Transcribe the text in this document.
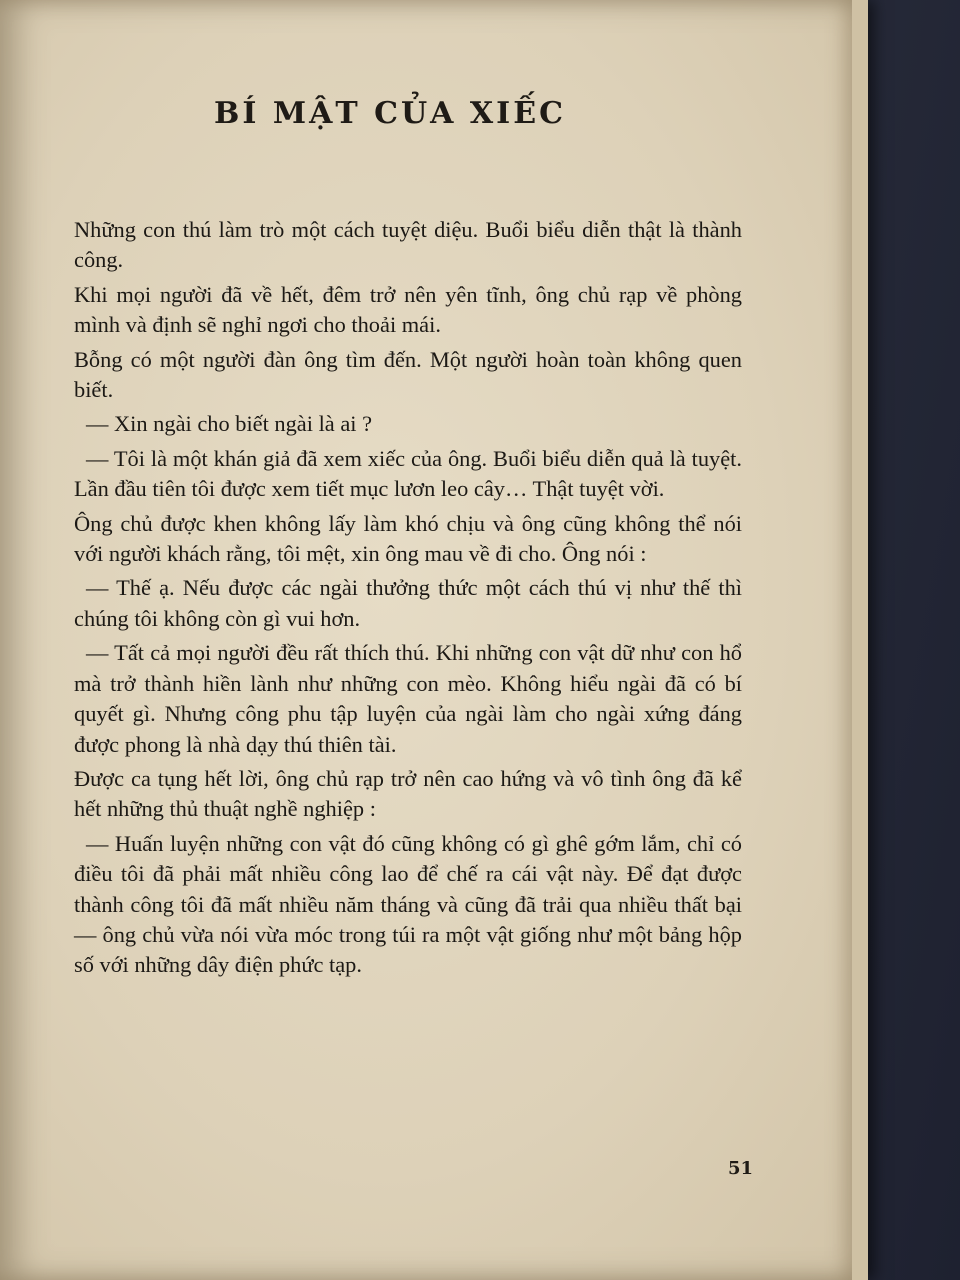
BÍ MẬT CỦA XIẾC

Những con thú làm trò một cách tuyệt diệu. Buổi biểu diễn thật là thành công.

Khi mọi người đã về hết, đêm trở nên yên tĩnh, ông chủ rạp về phòng mình và định sẽ nghỉ ngơi cho thoải mái.

Bỗng có một người đàn ông tìm đến. Một người hoàn toàn không quen biết.

— Xin ngài cho biết ngài là ai ?

— Tôi là một khán giả đã xem xiếc của ông. Buổi biểu diễn quả là tuyệt. Lần đầu tiên tôi được xem tiết mục lươn leo cây… Thật tuyệt vời.

Ông chủ được khen không lấy làm khó chịu và ông cũng không thể nói với người khách rằng, tôi mệt, xin ông mau về đi cho. Ông nói :

— Thế ạ. Nếu được các ngài thưởng thức một cách thú vị như thế thì chúng tôi không còn gì vui hơn.

— Tất cả mọi người đều rất thích thú. Khi những con vật dữ như con hổ mà trở thành hiền lành như những con mèo. Không hiểu ngài đã có bí quyết gì. Nhưng công phu tập luyện của ngài làm cho ngài xứng đáng được phong là nhà dạy thú thiên tài.

Được ca tụng hết lời, ông chủ rạp trở nên cao hứng và vô tình ông đã kể hết những thủ thuật nghề nghiệp :

— Huấn luyện những con vật đó cũng không có gì ghê gớm lắm, chỉ có điều tôi đã phải mất nhiều công lao để chế ra cái vật này. Để đạt được thành công tôi đã mất nhiều năm tháng và cũng đã trải qua nhiều thất bại — ông chủ vừa nói vừa móc trong túi ra một vật giống như một bảng hộp số với những dây điện phức tạp.

51
